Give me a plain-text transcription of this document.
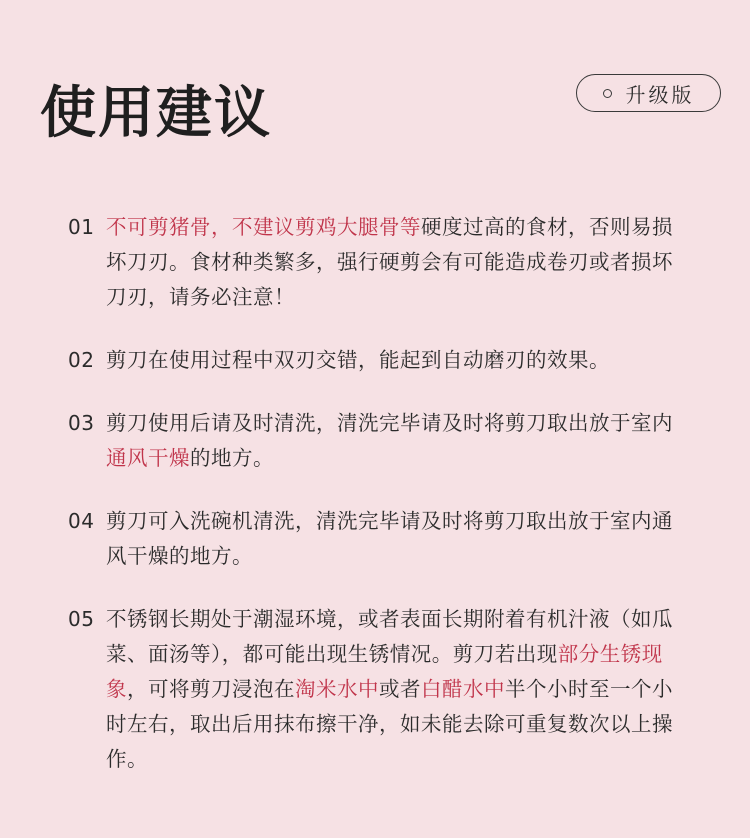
使用建议	升级版
01 不可剪猪骨，不建议剪鸡大腿骨等硬度过高的食材，否则易损坏刀刃。食材种类繁多，强行硬剪会有可能造成卷刃或者损坏刀刃，请务必注意！
02 剪刀在使用过程中双刃交错，能起到自动磨刃的效果。
03 剪刀使用后请及时清洗，清洗完毕请及时将剪刀取出放于室内通风干燥的地方。
04 剪刀可入洗碗机清洗，清洗完毕请及时将剪刀取出放于室内通风干燥的地方。
05 不锈钢长期处于潮湿环境，或者表面长期附着有机汁液（如瓜菜、面汤等），都可能出现生锈情况。剪刀若出现部分生锈现象，可将剪刀浸泡在淘米水中或者白醋水中半个小时至一个小时左右，取出后用抹布擦干净，如未能去除可重复数次以上操作。
